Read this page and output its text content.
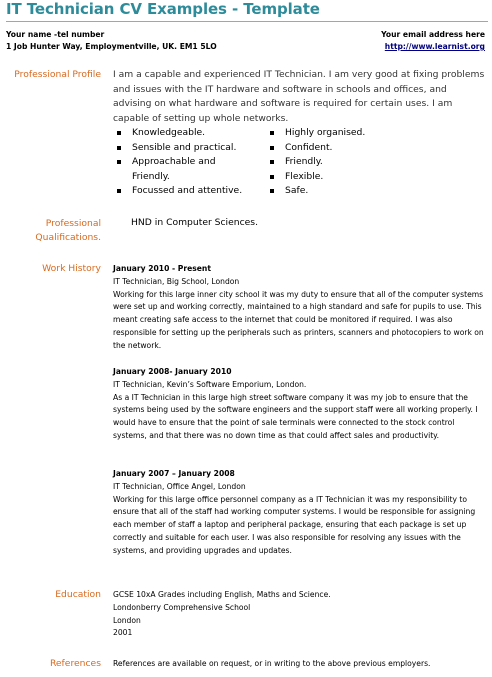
IT Technician CV Examples - Template
Your name -tel number
1 Job Hunter Way, Employmentville, UK. EM1 5LO
Your email address here
http://www.learnist.org
Professional Profile I am a capable and experienced IT Technician. I am very good at fixing problems and issues with the IT hardware and software in schools and offices, and advising on what hardware and software is required for certain uses. I am capable of setting up whole networks.
Knowledgeable.
Sensible and practical.
Approachable and Friendly.
Focussed and attentive.
Highly organised.
Confident.
Friendly.
Flexible.
Safe.
Professional
Qualifications.
HND in Computer Sciences.
Work History January 2010 - Present
IT Technician, Big School, London
Working for this large inner city school it was my duty to ensure that all of the computer systems were set up and working correctly, maintained to a high standard and safe for pupils to use. This meant creating safe access to the internet that could be monitored if required. I was also responsible for setting up the peripherals such as printers, scanners and photocopiers to work on the network.
January 2008- January 2010
IT Technician, Kevin’s Software Emporium, London.
As a IT Technician in this large high street software company it was my job to ensure that the systems being used by the software engineers and the support staff were all working properly. I would have to ensure that the point of sale terminals were connected to the stock control systems, and that there was no down time as that could affect sales and productivity.
January 2007 – January 2008
IT Technician, Office Angel, London
Working for this large office personnel company as a IT Technician it was my responsibility to ensure that all of the staff had working computer systems. I would be responsible for assigning each member of staff a laptop and peripheral package, ensuring that each package is set up correctly and suitable for each user. I was also responsible for resolving any issues with the systems, and providing upgrades and updates.
Education GCSE 10xA Grades including English, Maths and Science.
Londonberry Comprehensive School
London
2001
References References are available on request, or in writing to the above previous employers.
